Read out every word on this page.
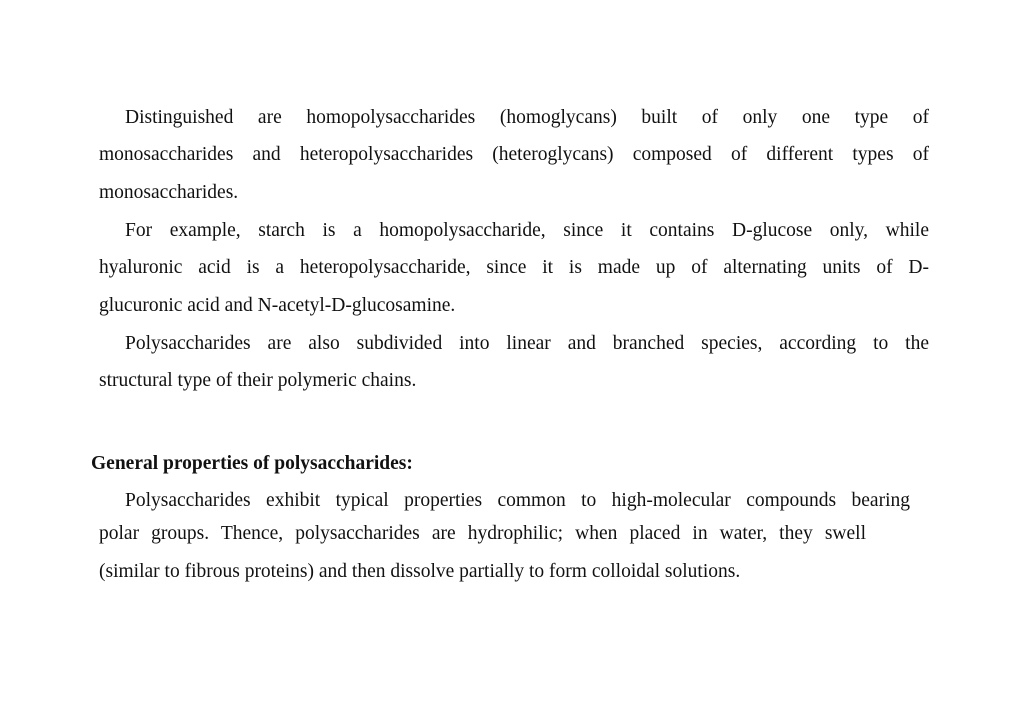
Distinguished are homopolysaccharides (homoglycans) built of only one type of
monosaccharides and heteropolysaccharides (heteroglycans) composed of different types of
monosaccharides.
For example, starch is a homopolysaccharide, since it contains D-glucose only, while
hyaluronic acid is a heteropolysaccharide, since it is made up of alternating units of D-
glucuronic acid and N-acetyl-D-glucosamine.
Polysaccharides are also subdivided into linear and branched species, according to the
structural type of their polymeric chains.
General properties of polysaccharides:
Polysaccharides exhibit typical properties common to high-molecular compounds bearing
polar groups. Thence, polysaccharides are hydrophilic; when placed in water, they swell
(similar to fibrous proteins) and then dissolve partially to form colloidal solutions.
